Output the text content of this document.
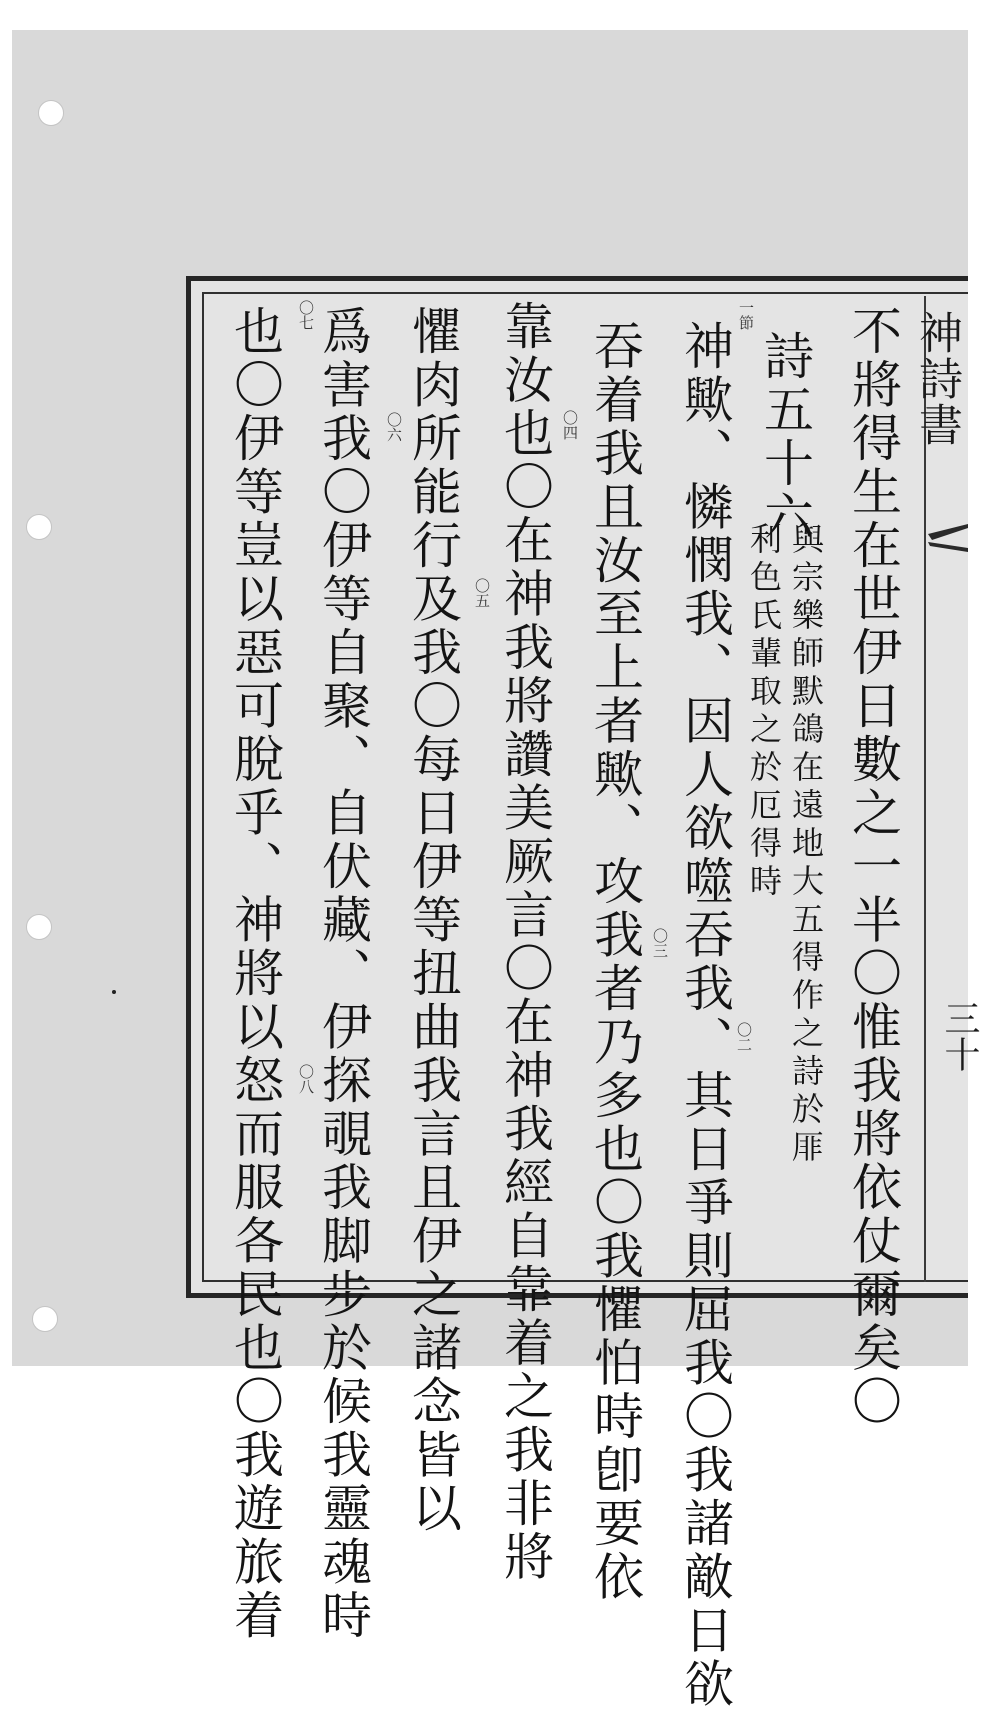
神詩書
三十
不將得生在世伊日數之一半〇惟我將依仗爾矣〇
詩五十六
與宗樂師默鴿在遠地大五得作之詩於厞
利色氏輩取之於厄得時
神歟、憐憫我、因人欲噬吞我、其日爭則屈我〇我諸敵日欲
吞着我且汝至上者歟、攻我者乃多也〇我懼怕時卽要依
靠汝也〇在神我將讚美厥言〇在神我經自靠着之我非將
懼肉所能行及我〇每日伊等扭曲我言且伊之諸念皆以
爲害我〇伊等自聚、自伏藏、伊探覗我脚步於候我靈魂時
也〇伊等豈以惡可脫乎、神將以怒而服各民也〇我遊旅着	一節
〇二
〇三
〇四
〇五
〇六
〇七
〇八
